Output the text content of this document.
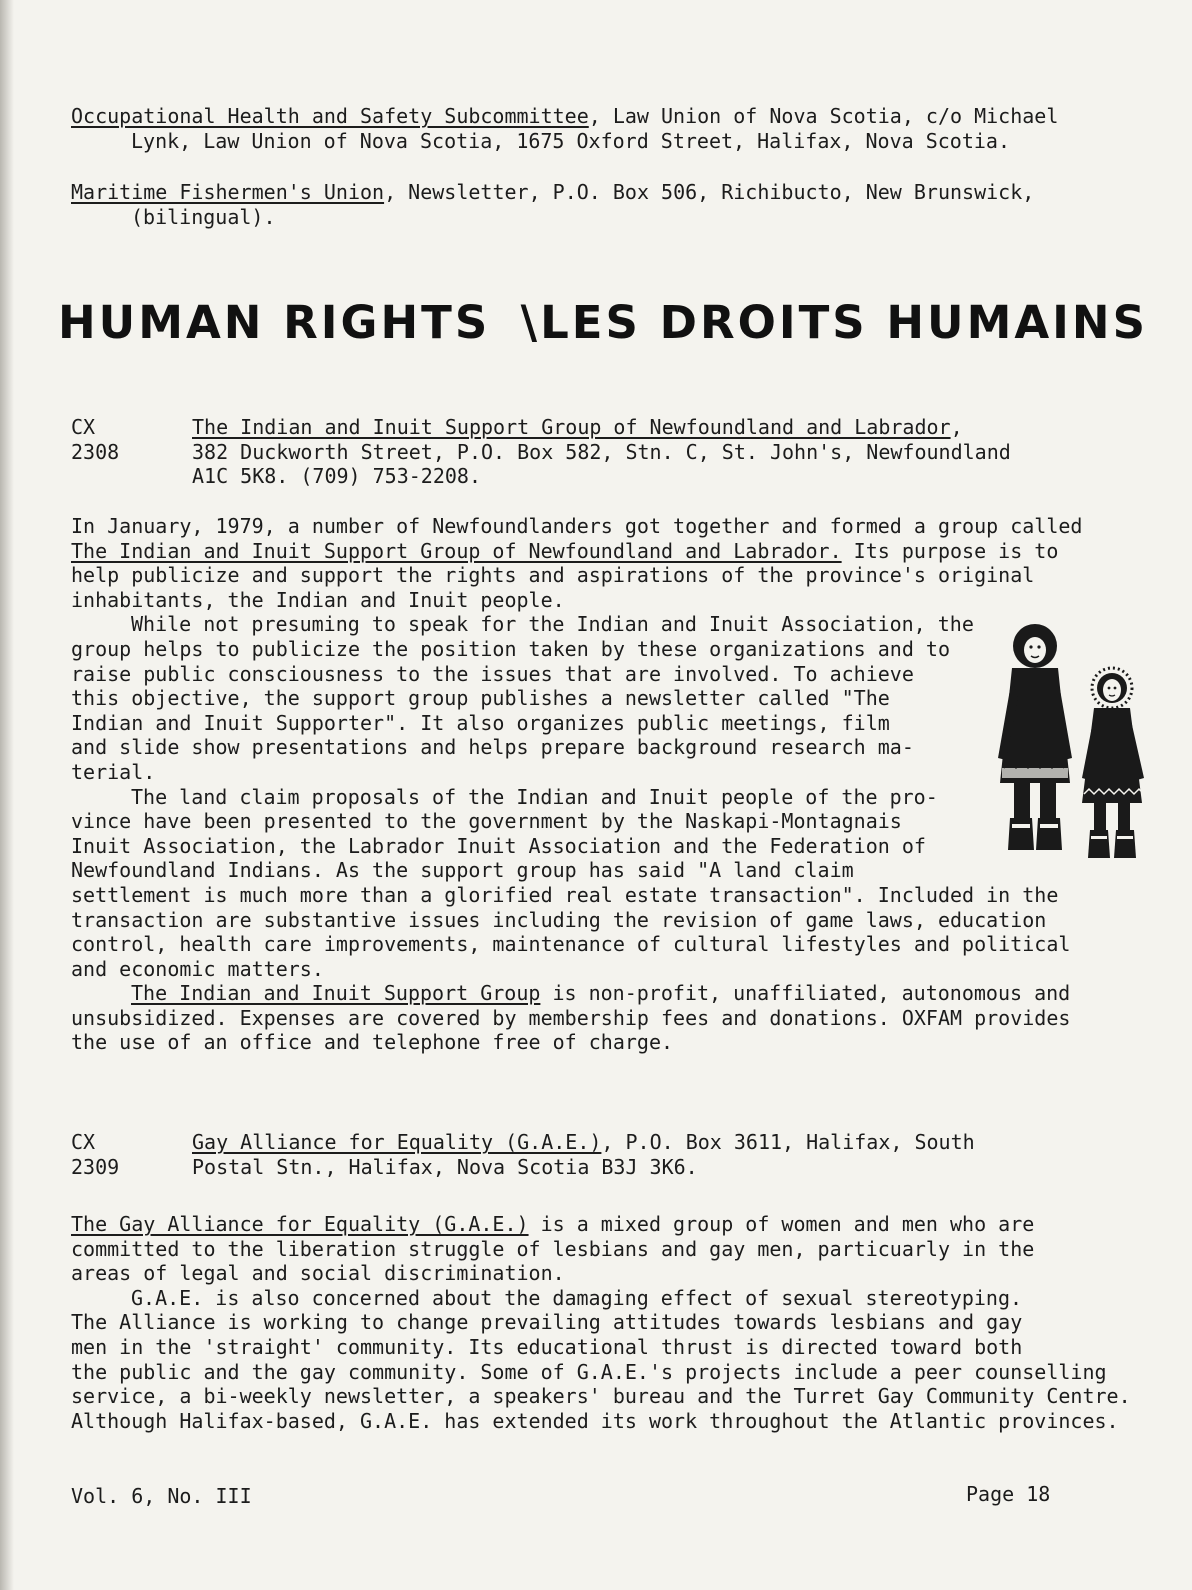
Occupational Health and Safety Subcommittee, Law Union of Nova Scotia, c/o Michael
Lynk, Law Union of Nova Scotia, 1675 Oxford Street, Halifax, Nova Scotia.
Maritime Fishermen's Union, Newsletter, P.O. Box 506, Richibucto, New Brunswick,
(bilingual).
HUMAN RIGHTS \LES DROITS HUMAINS
CX
2308
The Indian and Inuit Support Group of Newfoundland and Labrador,
382 Duckworth Street, P.O. Box 582, Stn. C, St. John's, Newfoundland
A1C 5K8. (709) 753-2208.
In January, 1979, a number of Newfoundlanders got together and formed a group called
The Indian and Inuit Support Group of Newfoundland and Labrador. Its purpose is to
help publicize and support the rights and aspirations of the province's original
inhabitants, the Indian and Inuit people.
While not presuming to speak for the Indian and Inuit Association, the
group helps to publicize the position taken by these organizations and to
raise public consciousness to the issues that are involved. To achieve
this objective, the support group publishes a newsletter called "The
Indian and Inuit Supporter". It also organizes public meetings, film
and slide show presentations and helps prepare background research ma-
terial.
The land claim proposals of the Indian and Inuit people of the pro-
vince have been presented to the government by the Naskapi-Montagnais
Inuit Association, the Labrador Inuit Association and the Federation of
Newfoundland Indians. As the support group has said "A land claim
settlement is much more than a glorified real estate transaction". Included in the
transaction are substantive issues including the revision of game laws, education
control, health care improvements, maintenance of cultural lifestyles and political
and economic matters.
The Indian and Inuit Support Group is non-profit, unaffiliated, autonomous and
unsubsidized. Expenses are covered by membership fees and donations. OXFAM provides
the use of an office and telephone free of charge.
CX
2309
Gay Alliance for Equality (G.A.E.), P.O. Box 3611, Halifax, South
Postal Stn., Halifax, Nova Scotia B3J 3K6.
The Gay Alliance for Equality (G.A.E.) is a mixed group of women and men who are
committed to the liberation struggle of lesbians and gay men, particuarly in the
areas of legal and social discrimination.
G.A.E. is also concerned about the damaging effect of sexual stereotyping.
The Alliance is working to change prevailing attitudes towards lesbians and gay
men in the 'straight' community. Its educational thrust is directed toward both
the public and the gay community. Some of G.A.E.'s projects include a peer counselling
service, a bi-weekly newsletter, a speakers' bureau and the Turret Gay Community Centre.
Although Halifax-based, G.A.E. has extended its work throughout the Atlantic provinces.
Vol. 6, No. III	Page 18
